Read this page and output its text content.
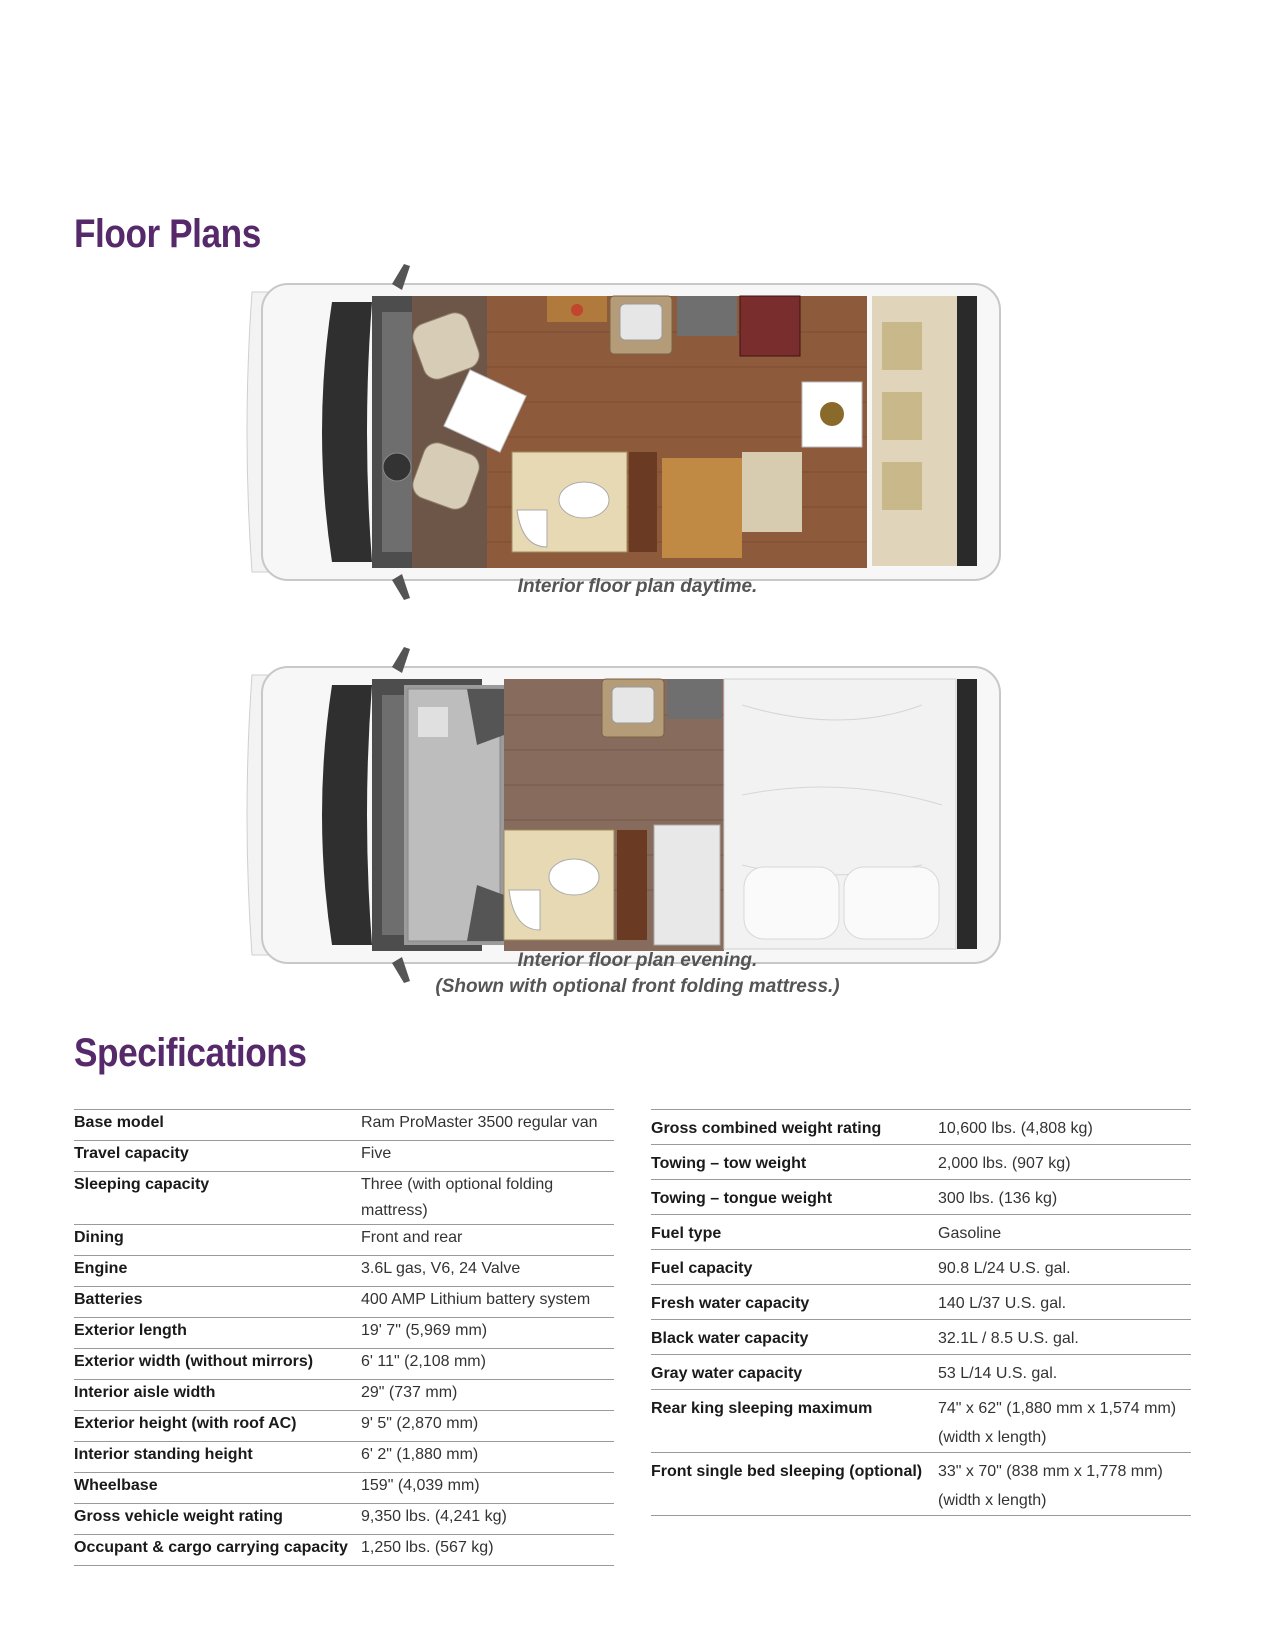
Floor Plans
Interior floor plan daytime.
Interior floor plan evening.
(Shown with optional front folding mattress.)
Specifications
Base model	Ram ProMaster 3500 regular van
Travel capacity	Five
Sleeping capacity	Three (with optional folding mattress)
Dining	Front and rear
Engine	3.6L gas, V6, 24 Valve
Batteries	400 AMP Lithium battery system
Exterior length	19' 7" (5,969 mm)
Exterior width (without mirrors)	6' 11" (2,108 mm)
Interior aisle width	29" (737 mm)
Exterior height (with roof AC)	9' 5" (2,870 mm)
Interior standing height	6' 2" (1,880 mm)
Wheelbase	159" (4,039 mm)
Gross vehicle weight rating	9,350 lbs. (4,241 kg)
Occupant & cargo carrying capacity	1,250 lbs. (567 kg)
Gross combined weight rating	10,600 lbs. (4,808 kg)
Towing – tow weight	2,000 lbs. (907 kg)
Towing – tongue weight	300 lbs. (136 kg)
Fuel type	Gasoline
Fuel capacity	90.8 L/24 U.S. gal.
Fresh water capacity	140 L/37 U.S. gal.
Black water capacity	32.1L / 8.5 U.S. gal.
Gray water capacity	53 L/14 U.S. gal.
Rear king sleeping maximum	74" x 62" (1,880 mm x 1,574 mm)
(width x length)

Front single bed sleeping (optional)	33" x 70" (838 mm x 1,778 mm)
(width x length)
